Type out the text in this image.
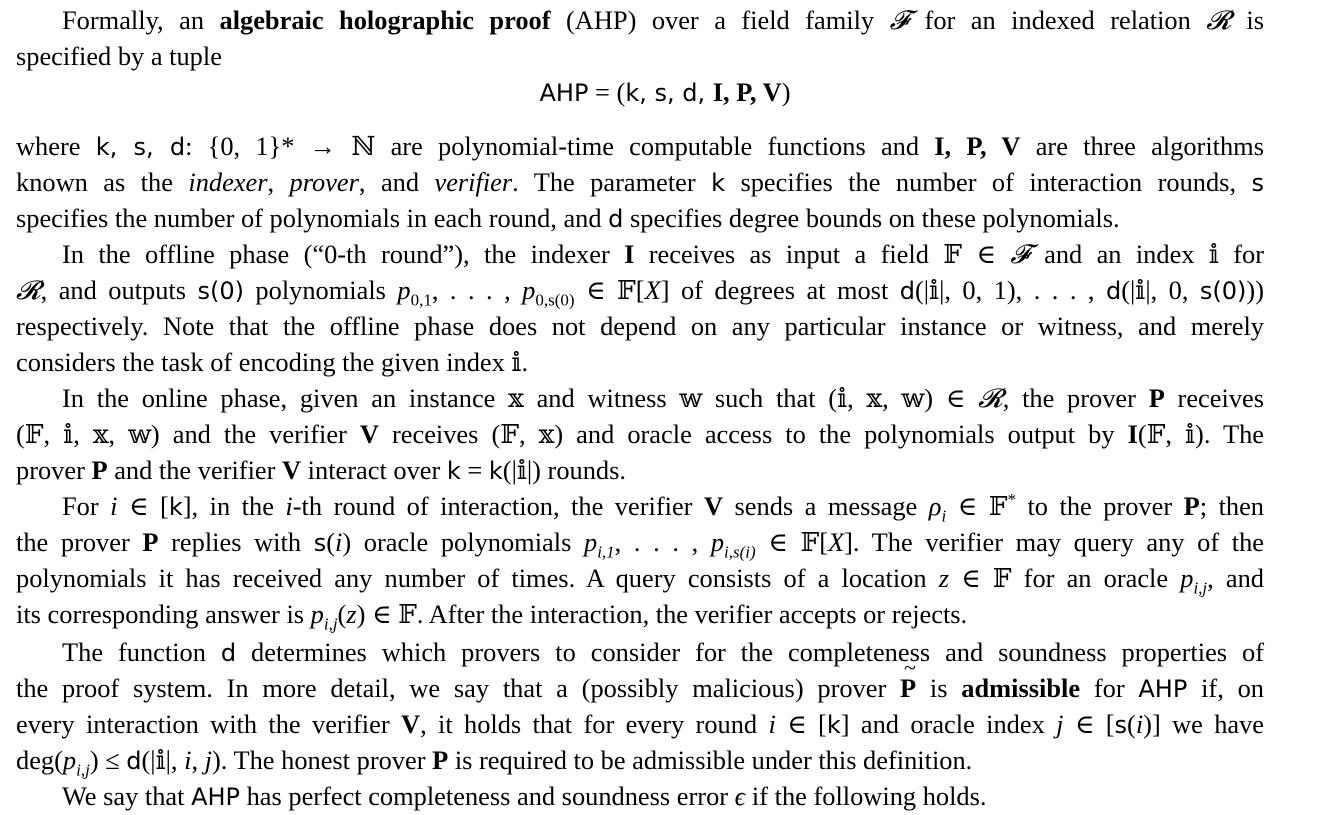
Formally, an algebraic holographic proof (AHP) over a field family 𝓕 for an indexed relation 𝓡 is
specified by a tuple
AHP = (k, s, d, I, P, V)
where k, s, d: {0, 1}* → ℕ are polynomial-time computable functions and I, P, V are three algorithms
known as the indexer, prover, and verifier. The parameter k specifies the number of interaction rounds, s
specifies the number of polynomials in each round, and d specifies degree bounds on these polynomials.
In the offline phase (“0-th round”), the indexer I receives as input a field 𝔽 ∈ 𝓕 and an index 𝕚 for
𝓡, and outputs s(0) polynomials $p_{0,1}$, . . . , $p_{0,s(0)}$ ∈ 𝔽[X] of degrees at most d(|𝕚|, 0, 1), . . . , d(|𝕚|, 0, s(0)))
respectively. Note that the offline phase does not depend on any particular instance or witness, and merely
considers the task of encoding the given index 𝕚.
In the online phase, given an instance 𝕩 and witness 𝕨 such that (𝕚, 𝕩, 𝕨) ∈ 𝓡, the prover P receives
(𝔽, 𝕚, 𝕩, 𝕨) and the verifier V receives (𝔽, 𝕩) and oracle access to the polynomials output by I(𝔽, 𝕚). The
prover P and the verifier V interact over k = k(|𝕚|) rounds.
For i ∈ [k], in the i-th round of interaction, the verifier V sends a message $\rho_i$ ∈ 𝔽* to the prover P; then
the prover P replies with s(i) oracle polynomials $p_{i,1}$, . . . , $p_{i,s(i)}$ ∈ 𝔽[X]. The verifier may query any of the
polynomials it has received any number of times. A query consists of a location z ∈ 𝔽 for an oracle $p_{i,j}$, and
its corresponding answer is $p_{i,j}(z)$ ∈ 𝔽. After the interaction, the verifier accepts or rejects.
The function d determines which provers to consider for the completeness and soundness properties of
the proof system. In more detail, we say that a (possibly malicious) prover ~ P is admissible for AHP if, on
every interaction with the verifier V, it holds that for every round i ∈ [k] and oracle index j ∈ [s(i)] we have
$deg(p_{i,j})$ ≤ d(|𝕚|, i, j). The honest prover P is required to be admissible under this definition.
We say that AHP has perfect completeness and soundness error ϵ if the following holds.
